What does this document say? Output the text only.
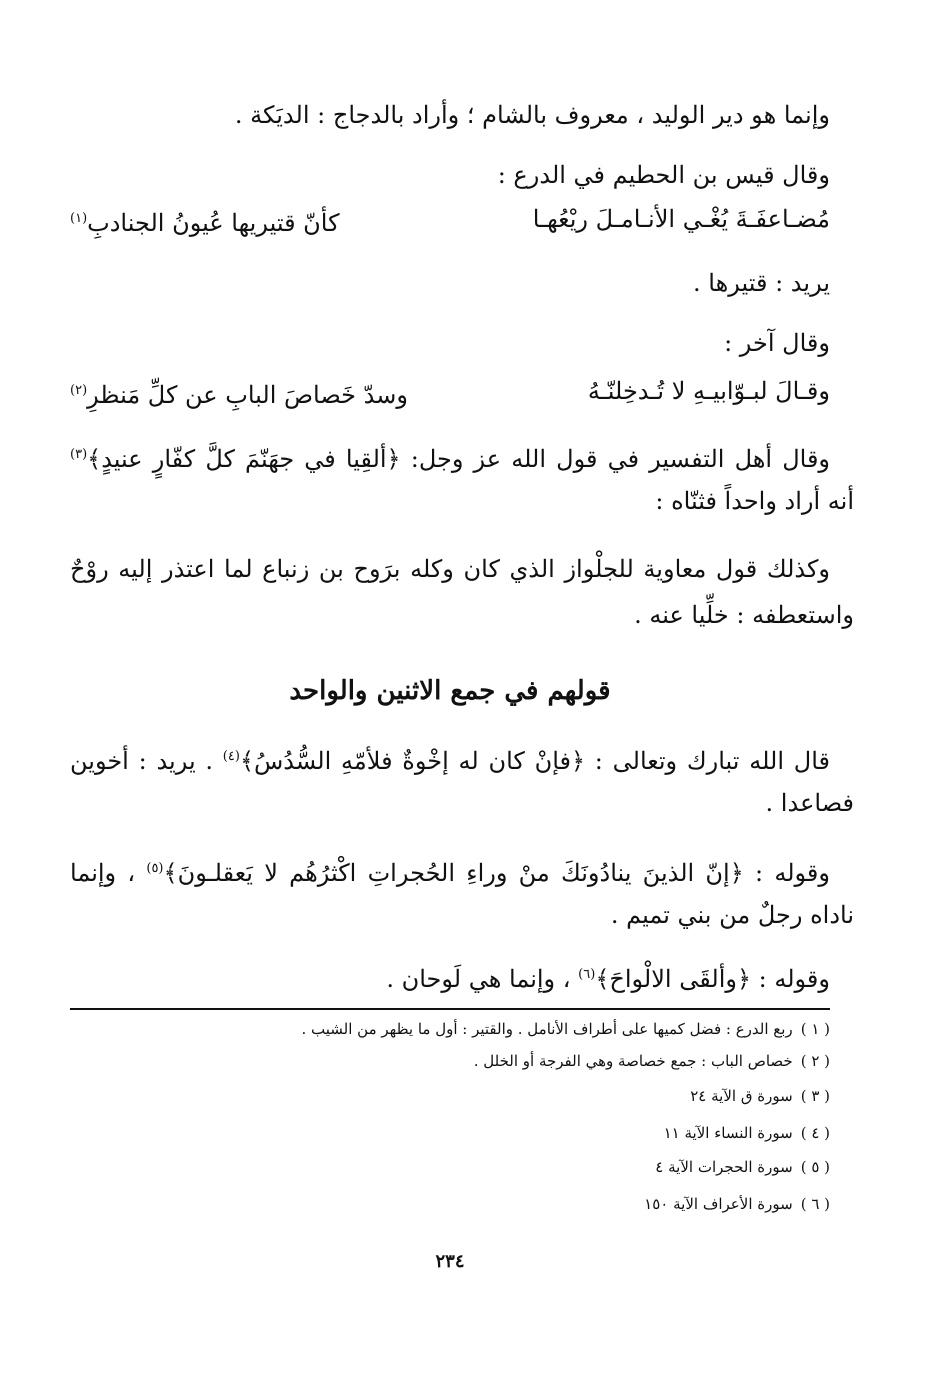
وإنما هو دير الوليد ، معروف بالشام ؛ وأراد بالدجاج : الديَكة .
وقال قيس بن الحطيم في الدرع :
مُضـاعفَـةَ يُغْـي الأنـامـلَ ريْعُهـا
كأنّ قتيريها عُيونُ الجنادبِ$^{(١)}$
يريد : قتيرها .
وقال آخر :
وقـالَ لبـوّابيـهِ لا تُـدخِلنّـهُ
وسدّ خَصاصَ البابِ عن كلِّ مَنظرِ$^{(٢)}$
وقال أهل التفسير في قول الله عز وجل: ﴿ألقِيا في جهَنّمَ كلَّ كفّارٍ عنيدٍ﴾$^{(٣)}$
أنه أراد واحداً فثنّاه :
وكذلك قول معاوية للجلْواز الذي كان وكله برَوح بن زنباع لما اعتذر إليه روْحٌ
واستعطفه : خلِّيا عنه .
قولهم في جمع الاثنين والواحد
قال الله تبارك وتعالى : ﴿فإنْ كان له إخْوةٌ فلأمّهِ السُّدُسُ﴾$^{(٤)}$ . يريد : أخوين
فصاعدا .
وقوله : ﴿إنّ الذينَ ينادُونَكَ منْ وراءِ الحُجراتِ اكْثرُهُم لا يَعقلـونَ﴾$^{(٥)}$ ، وإنما
ناداه رجلٌ من بني تميم .
وقوله : ﴿وألقَى الالْواحَ﴾$^{(٦)}$ ، وإنما هي لَوحان .
( ١ )ربع الدرع : فضل كميها على أطراف الأنامل . والقتير : أول ما يظهر من الشيب .
( ٢ )خصاص الباب : جمع خصاصة وهي الفرجة أو الخلل .
( ٣ )سورة ق الآية ٢٤
( ٤ )سورة النساء الآية ١١
( ٥ )سورة الحجرات الآية ٤
( ٦ )سورة الأعراف الآية ١٥٠
٢٣٤
